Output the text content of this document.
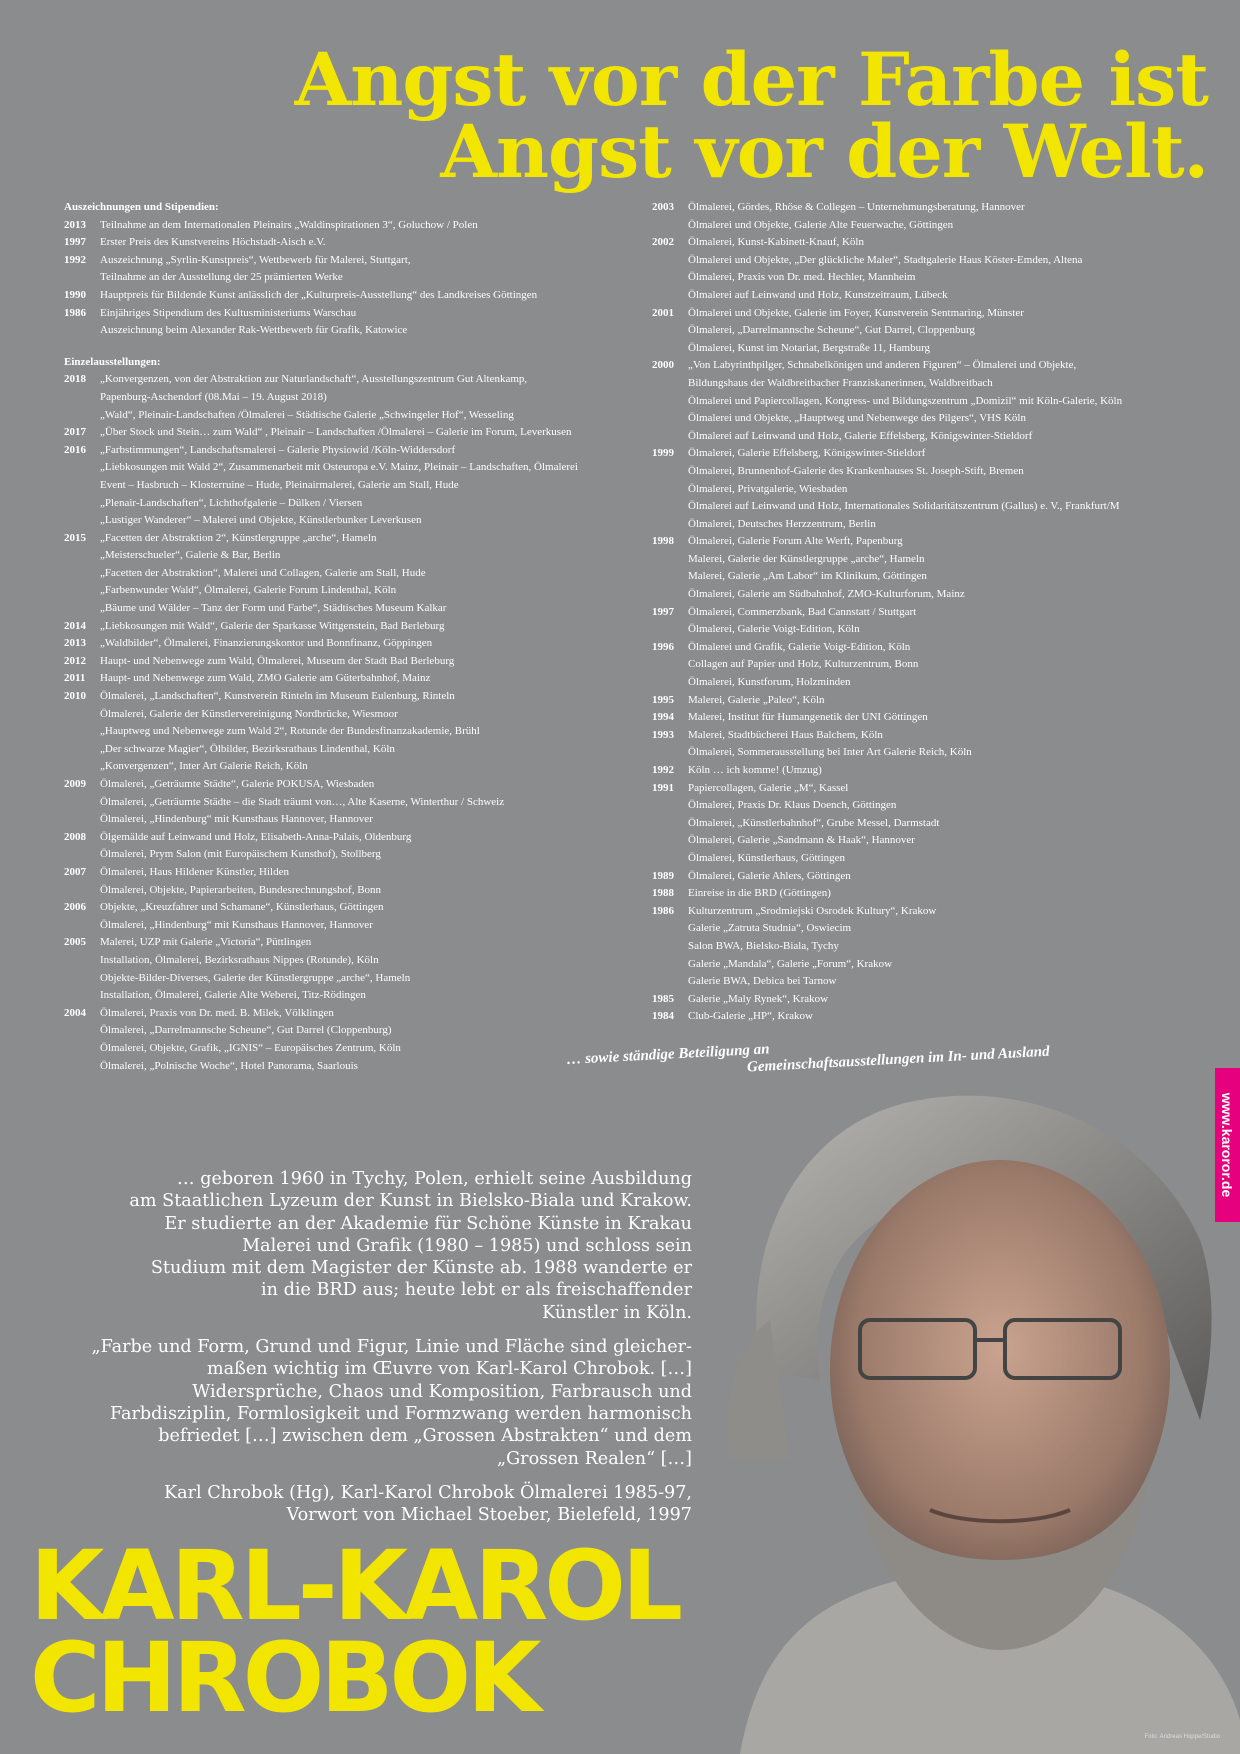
Angst vor der Farbe ist
Angst vor der Welt.
Auszeichnungen und Stipendien:
2013	Teilnahme an dem Internationalen Pleinairs „Waldinspirationen 3“, Goluchow / Polen
1997	Erster Preis des Kunstvereins Höchstadt-Aisch e.V.
1992	Auszeichnung „Syrlin-Kunstpreis“, Wettbewerb für Malerei, Stuttgart,
Teilnahme an der Ausstellung der 25 prämierten Werke
1990	Hauptpreis für Bildende Kunst anlässlich der „Kulturpreis-Ausstellung“ des Landkreises Göttingen
1986	Einjähriges Stipendium des Kultusministeriums Warschau
Auszeichnung beim Alexander Rak-Wettbewerb für Grafik, Katowice
Einzelausstellungen:
2018	„Konvergenzen, von der Abstraktion zur Naturlandschaft“, Ausstellungszentrum Gut Altenkamp,
Papenburg-Aschendorf (08.Mai – 19. August 2018)
„Wald“, Pleinair-Landschaften /Ölmalerei – Städtische Galerie „Schwingeler Hof“, Wesseling
2017	„Über Stock und Stein… zum Wald“ , Pleinair – Landschaften /Ölmalerei – Galerie im Forum, Leverkusen
2016	„Farbstimmungen“, Landschaftsmalerei – Galerie Physiowid /Köln-Widdersdorf
„Liebkosungen mit Wald 2“, Zusammenarbeit mit Osteuropa e.V. Mainz, Pleinair – Landschaften, Ölmalerei
Event – Hasbruch – Klosterruine – Hude, Pleinairmalerei, Galerie am Stall, Hude
„Plenair-Landschaften“, Lichthofgalerie – Dülken / Viersen
„Lustiger Wanderer“ – Malerei und Objekte, Künstlerbunker Leverkusen
2015	„Facetten der Abstraktion 2“, Künstlergruppe „arche“, Hameln
„Meisterschueler“, Galerie & Bar, Berlin
„Facetten der Abstraktion“, Malerei und Collagen, Galerie am Stall, Hude
„Farbenwunder Wald“, Ölmalerei, Galerie Forum Lindenthal, Köln
„Bäume und Wälder – Tanz der Form und Farbe“, Städtisches Museum Kalkar
2014	„Liebkosungen mit Wald“, Galerie der Sparkasse Wittgenstein, Bad Berleburg
2013	„Waldbilder“, Ölmalerei, Finanzierungskontor und Bonnfinanz, Göppingen
2012	Haupt- und Nebenwege zum Wald, Ölmalerei, Museum der Stadt Bad Berleburg
2011	Haupt- und Nebenwege zum Wald, ZMO Galerie am Güterbahnhof, Mainz
2010	Ölmalerei, „Landschaften“, Kunstverein Rinteln im Museum Eulenburg, Rinteln
Ölmalerei, Galerie der Künstlervereinigung Nordbrücke, Wiesmoor
„Hauptweg und Nebenwege zum Wald 2“, Rotunde der Bundesfinanzakademie, Brühl
„Der schwarze Magier“, Ölbilder, Bezirksrathaus Lindenthal, Köln
„Konvergenzen“, Inter Art Galerie Reich, Köln
2009	Ölmalerei, „Geträumte Städte“, Galerie POKUSA, Wiesbaden
Ölmalerei, „Geträumte Städte – die Stadt träumt von…, Alte Kaserne, Winterthur / Schweiz
Ölmalerei, „Hindenburg“ mit Kunsthaus Hannover, Hannover
2008	Ölgemälde auf Leinwand und Holz, Elisabeth-Anna-Palais, Oldenburg
Ölmalerei, Prym Salon (mit Europäischem Kunsthof), Stollberg
2007	Ölmalerei, Haus Hildener Künstler, Hilden
Ölmalerei, Objekte, Papierarbeiten, Bundesrechnungshof, Bonn
2006	Objekte, „Kreuzfahrer und Schamane“, Künstlerhaus, Göttingen
Ölmalerei, „Hindenburg“ mit Kunsthaus Hannover, Hannover
2005	Malerei, UZP mit Galerie „Victoria“, Püttlingen
Installation, Ölmalerei, Bezirksrathaus Nippes (Rotunde), Köln
Objekte-Bilder-Diverses, Galerie der Künstlergruppe „arche“, Hameln
Installation, Ölmalerei, Galerie Alte Weberei, Titz-Rödingen
2004	Ölmalerei, Praxis von Dr. med. B. Milek, Völklingen
Ölmalerei, „Darrelmannsche Scheune“, Gut Darrel (Cloppenburg)
Ölmalerei, Objekte, Grafik, „IGNIS“ – Europäisches Zentrum, Köln
Ölmalerei, „Polnische Woche“, Hotel Panorama, Saarlouis
2003	Ölmalerei, Gördes, Rhöse & Collegen – Unternehmungsberatung, Hannover
Ölmalerei und Objekte, Galerie Alte Feuerwache, Göttingen
2002	Ölmalerei, Kunst-Kabinett-Knauf, Köln
Ölmalerei und Objekte, „Der glückliche Maler“, Stadtgalerie Haus Köster-Emden, Altena
Ölmalerei, Praxis von Dr. med. Hechler, Mannheim
Ölmalerei auf Leinwand und Holz, Kunstzeitraum, Lübeck
2001	Ölmalerei und Objekte, Galerie im Foyer, Kunstverein Sentmaring, Münster
Ölmalerei, „Darrelmannsche Scheune“, Gut Darrel, Cloppenburg
Ölmalerei, Kunst im Notariat, Bergstraße 11, Hamburg
2000	„Von Labyrinthpilger, Schnabelkönigen und anderen Figuren“ – Ölmalerei und Objekte,
Bildungshaus der Waldbreitbacher Franziskanerinnen, Waldbreitbach
Ölmalerei und Papiercollagen, Kongress- und Bildungszentrum „Domizil“ mit Köln-Galerie, Köln
Ölmalerei und Objekte, „Hauptweg und Nebenwege des Pilgers“, VHS Köln
Ölmalerei auf Leinwand und Holz, Galerie Effelsberg, Königswinter-Stieldorf
1999	Ölmalerei, Galerie Effelsberg, Königswinter-Stieldorf
Ölmalerei, Brunnenhof-Galerie des Krankenhauses St. Joseph-Stift, Bremen
Ölmalerei, Privatgalerie, Wiesbaden
Ölmalerei auf Leinwand und Holz, Internationales Solidaritätszentrum (Gallus) e. V., Frankfurt/M
Ölmalerei, Deutsches Herzzentrum, Berlin
1998	Ölmalerei, Galerie Forum Alte Werft, Papenburg
Malerei, Galerie der Künstlergruppe „arche“, Hameln
Malerei, Galerie „Am Labor“ im Klinikum, Göttingen
Ölmalerei, Galerie am Südbahnhof, ZMO-Kulturforum, Mainz
1997	Ölmalerei, Commerzbank, Bad Cannstatt / Stuttgart
Ölmalerei, Galerie Voigt-Edition, Köln
1996	Ölmalerei und Grafik, Galerie Voigt-Edition, Köln
Collagen auf Papier und Holz, Kulturzentrum, Bonn
Ölmalerei, Kunstforum, Holzminden
1995	Malerei, Galerie „Paleo“, Köln
1994	Malerei, Institut für Humangenetik der UNI Göttingen
1993	Malerei, Stadtbücherei Haus Balchem, Köln
Ölmalerei, Sommerausstellung bei Inter Art Galerie Reich, Köln
1992	Köln … ich komme! (Umzug)
1991	Papiercollagen, Galerie „M“, Kassel
Ölmalerei, Praxis Dr. Klaus Doench, Göttingen
Ölmalerei, „Künstlerbahnhof“, Grube Messel, Darmstadt
Ölmalerei, Galerie „Sandmann & Haak“, Hannover
Ölmalerei, Künstlerhaus, Göttingen
1989	Ölmalerei, Galerie Ahlers, Göttingen
1988	Einreise in die BRD (Göttingen)
1986	Kulturzentrum „Srodmiejski Osrodek Kultury“, Krakow
Galerie „Zatruta Studnia“, Oswiecim
Salon BWA, Bielsko-Biala, Tychy
Galerie „Mandala“, Galerie „Forum“, Krakow
Galerie BWA, Debica bei Tarnow
1985	Galerie „Maly Rynek“, Krakow
1984	Club-Galerie „HP“, Krakow
… sowie ständige Beteiligung an
Gemeinschaftsausstellungen im In- und Ausland
www.karoror.de

… geboren 1960 in Tychy, Polen, erhielt seine Ausbildung
am Staatlichen Lyzeum der Kunst in Bielsko-Biala und Krakow.
Er studierte an der Akademie für Schöne Künste in Krakau
Malerei und Grafik (1980 – 1985) und schloss sein
Studium mit dem Magister der Künste ab. 1988 wanderte er
in die BRD aus; heute lebt er als freischaffender
Künstler in Köln.

„Farbe und Form, Grund und Figur, Linie und Fläche sind gleicher-
maßen wichtig im Œuvre von Karl-Karol Chrobok. […]
Widersprüche, Chaos und Komposition, Farbrausch und
Farbdisziplin, Formlosigkeit und Formzwang werden harmonisch
befriedet […] zwischen dem „Grossen Abstrakten“ und dem
„Grossen Realen“ […]

Karl Chrobok (Hg), Karl-Karol Chrobok Ölmalerei 1985-97,
Vorwort von Michael Stoeber, Bielefeld, 1997

KARL-KAROL
CHROBOK
Foto: Andreas Hoppe/Studio
